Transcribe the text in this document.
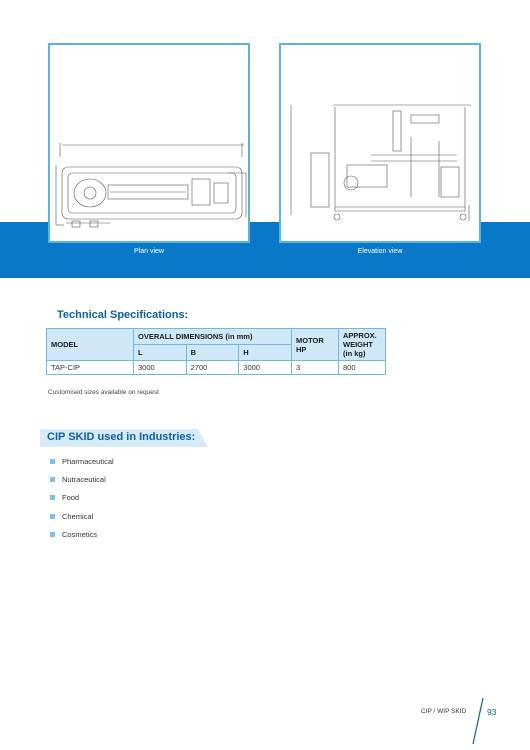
Plan view	Elevation view
Technical Specifications:
MODEL	OVERALL DIMENSIONS (in mm)			MOTOR HP	APPROX. WEIGHT (in kg)
	L	B	H		
TAP-CIP	3000	2700	3000	3	800
Customised sizes available on request
CIP SKID used in Industries:
Pharmaceutical
Nutraceutical
Food
Chemical
Cosmetics
CIP / WIP SKID 93
